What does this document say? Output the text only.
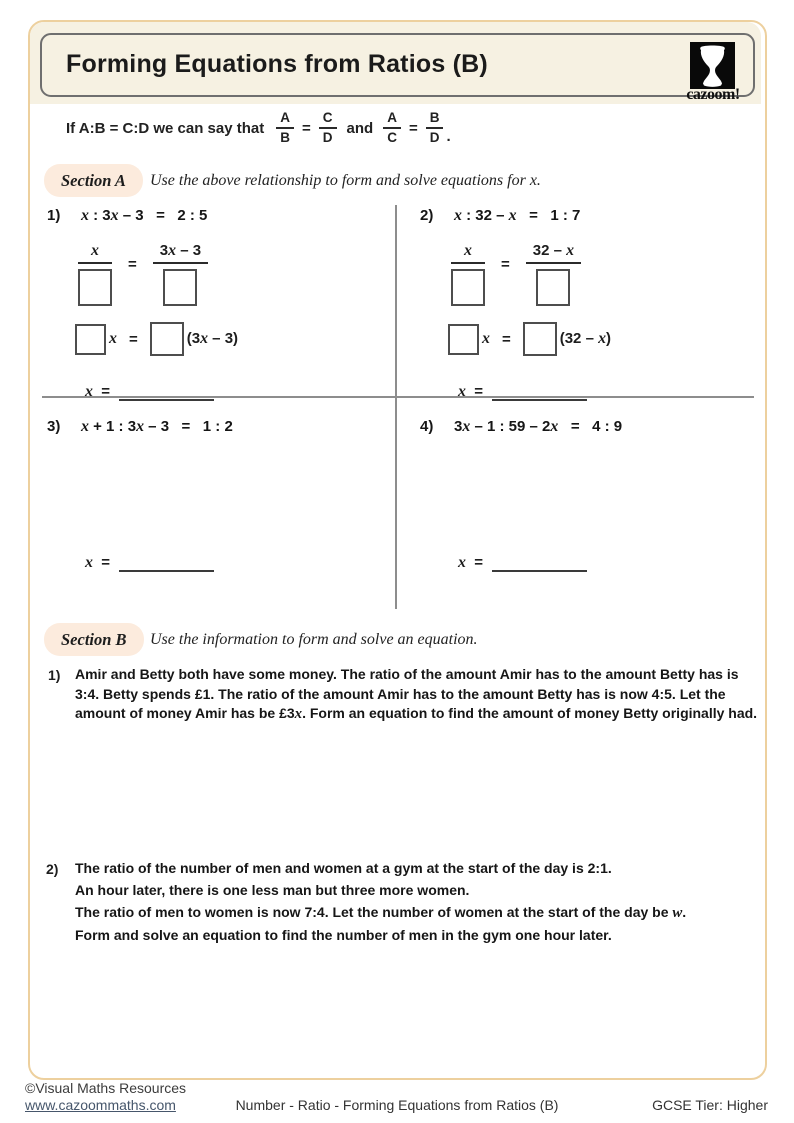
Forming Equations from Ratios (B)
cazoom!
If A:B = C:D we can say that $\frac{A}{B} = \frac{C}{D}$ and $\frac{A}{C} = \frac{B}{D}$ .
Section A	Use the above relationship to form and solve equations for x.
1)	x : 3x – 3   =   2 : 5
x
=
3x – 3
x =	(3x – 3)
x  =
2)	x : 32 – x   =   1 : 7
x
=
32 – x
x =	(32 – x)
x  =
3)	x + 1 : 3x – 3   =   1 : 2
x  =
4)	3x – 1 : 59 – 2x   =   4 : 9
x  =
Section B	Use the information to form and solve an equation.
1) Amir and Betty both have some money. The ratio of the amount Amir has to the amount Betty has is 3:4. Betty spends £1. The ratio of the amount Amir has to the amount Betty has is now 4:5. Let the amount of money Amir has be £3x. Form an equation to find the amount of money Betty originally had.
2) The ratio of the number of men and women at a gym at the start of the day is 2:1.
An hour later, there is one less man but three more women.
The ratio of men to women is now 7:4. Let the number of women at the start of the day be w.
Form and solve an equation to find the number of men in the gym one hour later.
©Visual Maths Resources
www.cazoommaths.com	Number - Ratio - Forming Equations from Ratios (B)	GCSE Tier: Higher
